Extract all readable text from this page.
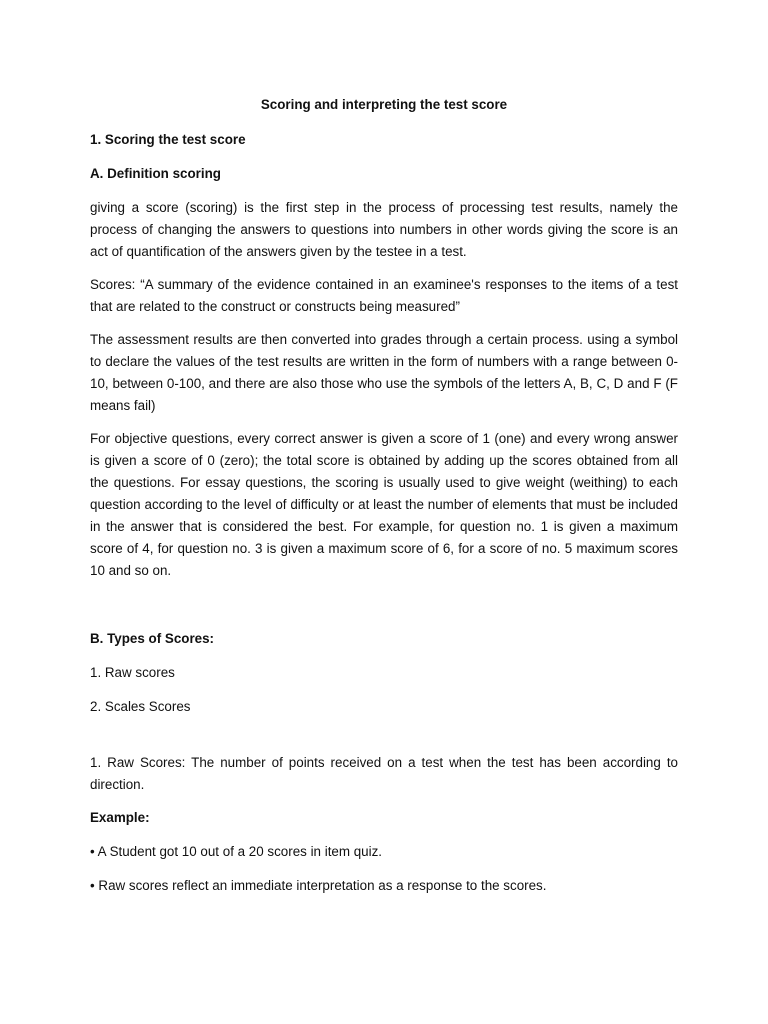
Scoring and interpreting the test score

1. Scoring the test score

A. Definition scoring

giving a score (scoring) is the first step in the process of processing test results, namely the process of changing the answers to questions into numbers in other words giving the score is an act of quantification of the answers given by the testee in a test.

Scores: “A summary of the evidence contained in an examinee's responses to the items of a test that are related to the construct or constructs being measured”

The assessment results are then converted into grades through a certain process. using a symbol to declare the values of the test results are written in the form of numbers with a range between 0-10, between 0-100, and there are also those who use the symbols of the letters A, B, C, D and F (F means fail)

For objective questions, every correct answer is given a score of 1 (one) and every wrong answer is given a score of 0 (zero); the total score is obtained by adding up the scores obtained from all the questions. For essay questions, the scoring is usually used to give weight (weithing) to each question according to the level of difficulty or at least the number of elements that must be included in the answer that is considered the best. For example, for question no. 1 is given a maximum score of 4, for question no. 3 is given a maximum score of 6, for a score of no. 5 maximum scores 10 and so on.

B. Types of Scores:

1. Raw scores

2. Scales Scores

1. Raw Scores: The number of points received on a test when the test has been according to direction.

Example:

• A Student got 10 out of a 20 scores in item quiz.

• Raw scores reflect an immediate interpretation as a response to the scores.
